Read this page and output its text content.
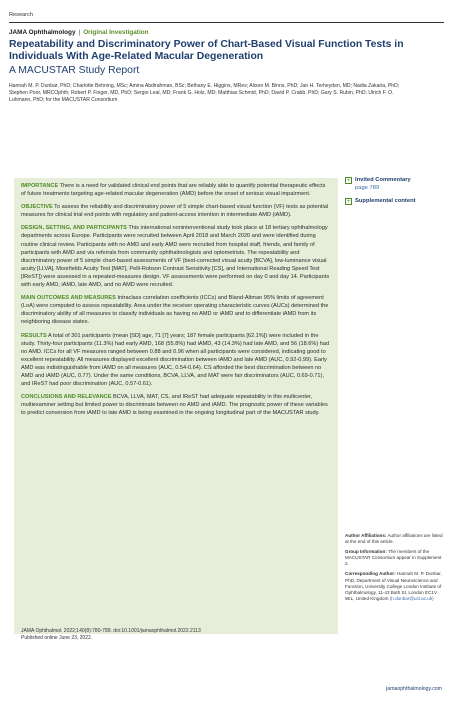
Research
JAMA Ophthalmology | Original Investigation
Repeatability and Discriminatory Power of Chart-Based Visual Function Tests in Individuals With Age-Related Macular Degeneration
A MACUSTAR Study Report
Hannah M. P. Dunbar, PhD; Charlotte Behning, MSc; Amina Abdirahman, BSc; Bethany E. Higgins, MRes; Alison M. Binns, PhD; Jan H. Terheyden, MD; Nadia Zakaria, PhD; Stephen Poor, MRCOphth; Robert P. Finger, MD, PhD; Sergio Leal, MD; Frank G. Holz, MD; Matthias Schmid, PhD; David P. Crabb, PhD; Gary S. Rubin, PhD; Ulrich F. O. Luhmann, PhD; for the MACUSTAR Consortium

IMPORTANCE There is a need for validated clinical end points that are reliably able to quantify potential therapeutic effects of future treatments targeting age-related macular degeneration (AMD) before the onset of serious visual impairment.

OBJECTIVE To assess the reliability and discriminatory power of 5 simple chart-based visual function (VF) tests as potential measures for clinical trial end points with regulatory and patient-access intention in intermediate AMD (iAMD).

DESIGN, SETTING, AND PARTICIPANTS This international noninterventional study took place at 18 tertiary ophthalmology departments across Europe. Participants were recruited between April 2018 and March 2020 and were identified during routine clinical review. Participants with no AMD and early AMD were recruited from hospital staff, friends, and family of participants with AMD and via referrals from community ophthalmologists and optometrists. The repeatability and discriminatory power of 5 simple chart-based assessments of VF (best-corrected visual acuity [BCVA], low-luminance visual acuity [LLVA], Moorfields Acuity Test [MAT], Pelli-Robson Contrast Sensitivity [CS], and International Reading Speed Test [IReST]) were assessed in a repeated-measures design. VF assessments were performed on day 0 and day 14. Participants with early AMD, iAMD, late AMD, and no AMD were recruited.

MAIN OUTCOMES AND MEASURES Intraclass correlation coefficients (ICCs) and Bland-Altman 95% limits of agreement (LoA) were computed to assess repeatability. Area under the receiver operating characteristic curves (AUCs) determined the discriminatory ability of all measures to classify individuals as having no AMD or iAMD and to differentiate iAMD from its neighboring disease states.

RESULTS A total of 301 participants (mean [SD] age, 71 [7] years; 187 female participants [62.1%]) were included in the study. Thirty-four participants (11.3%) had early AMD, 168 (55.8%) had iAMD, 43 (14.3%) had late AMD, and 56 (18.6%) had no AMD. ICCs for all VF measures ranged between 0.88 and 0.96 when all participants were considered, indicating good to excellent repeatability. All measures displayed excellent discrimination between iAMD and late AMD (AUC, 0.92-0.99). Early AMD was indistinguishable from iAMD on all measures (AUC, 0.54-0.64). CS afforded the best discrimination between no AMD and iAMD (AUC, 0.77). Under the same conditions, BCVA, LLVA, and MAT were fair discriminators (AUC, 0.69-0.71), and IReST had poor discrimination (AUC, 0.57-0.61).

CONCLUSIONS AND RELEVANCE BCVA, LLVA, MAT, CS, and IReST had adequate repeatability in this multicenter, multiexaminer setting but limited power to discriminate between no AMD and iAMD. The prognostic power of these variables to predict conversion from iAMD to late AMD is being examined in the ongoing longitudinal part of the MACUSTAR study.

JAMA Ophthalmol. 2022;140(8):780-789. doi:10.1001/jamaophthalmol.2022.2113
Published online June 23, 2022.
+ Invited Commentary
page 789
+ Supplemental content
Author Affiliations: Author affiliations are listed at the end of this article.
Group Information: The members of the MACUSTAR Consortium appear in Supplement 2.
Corresponding Author: Hannah M. P. Dunbar, PhD, Department of Visual Neuroscience and Function, University College London Institute of Ophthalmology, 11-43 Bath St, London EC1V 9EL, United Kingdom (h.dunbar@ucl.ac.uk)
jamaophthalmology.com
